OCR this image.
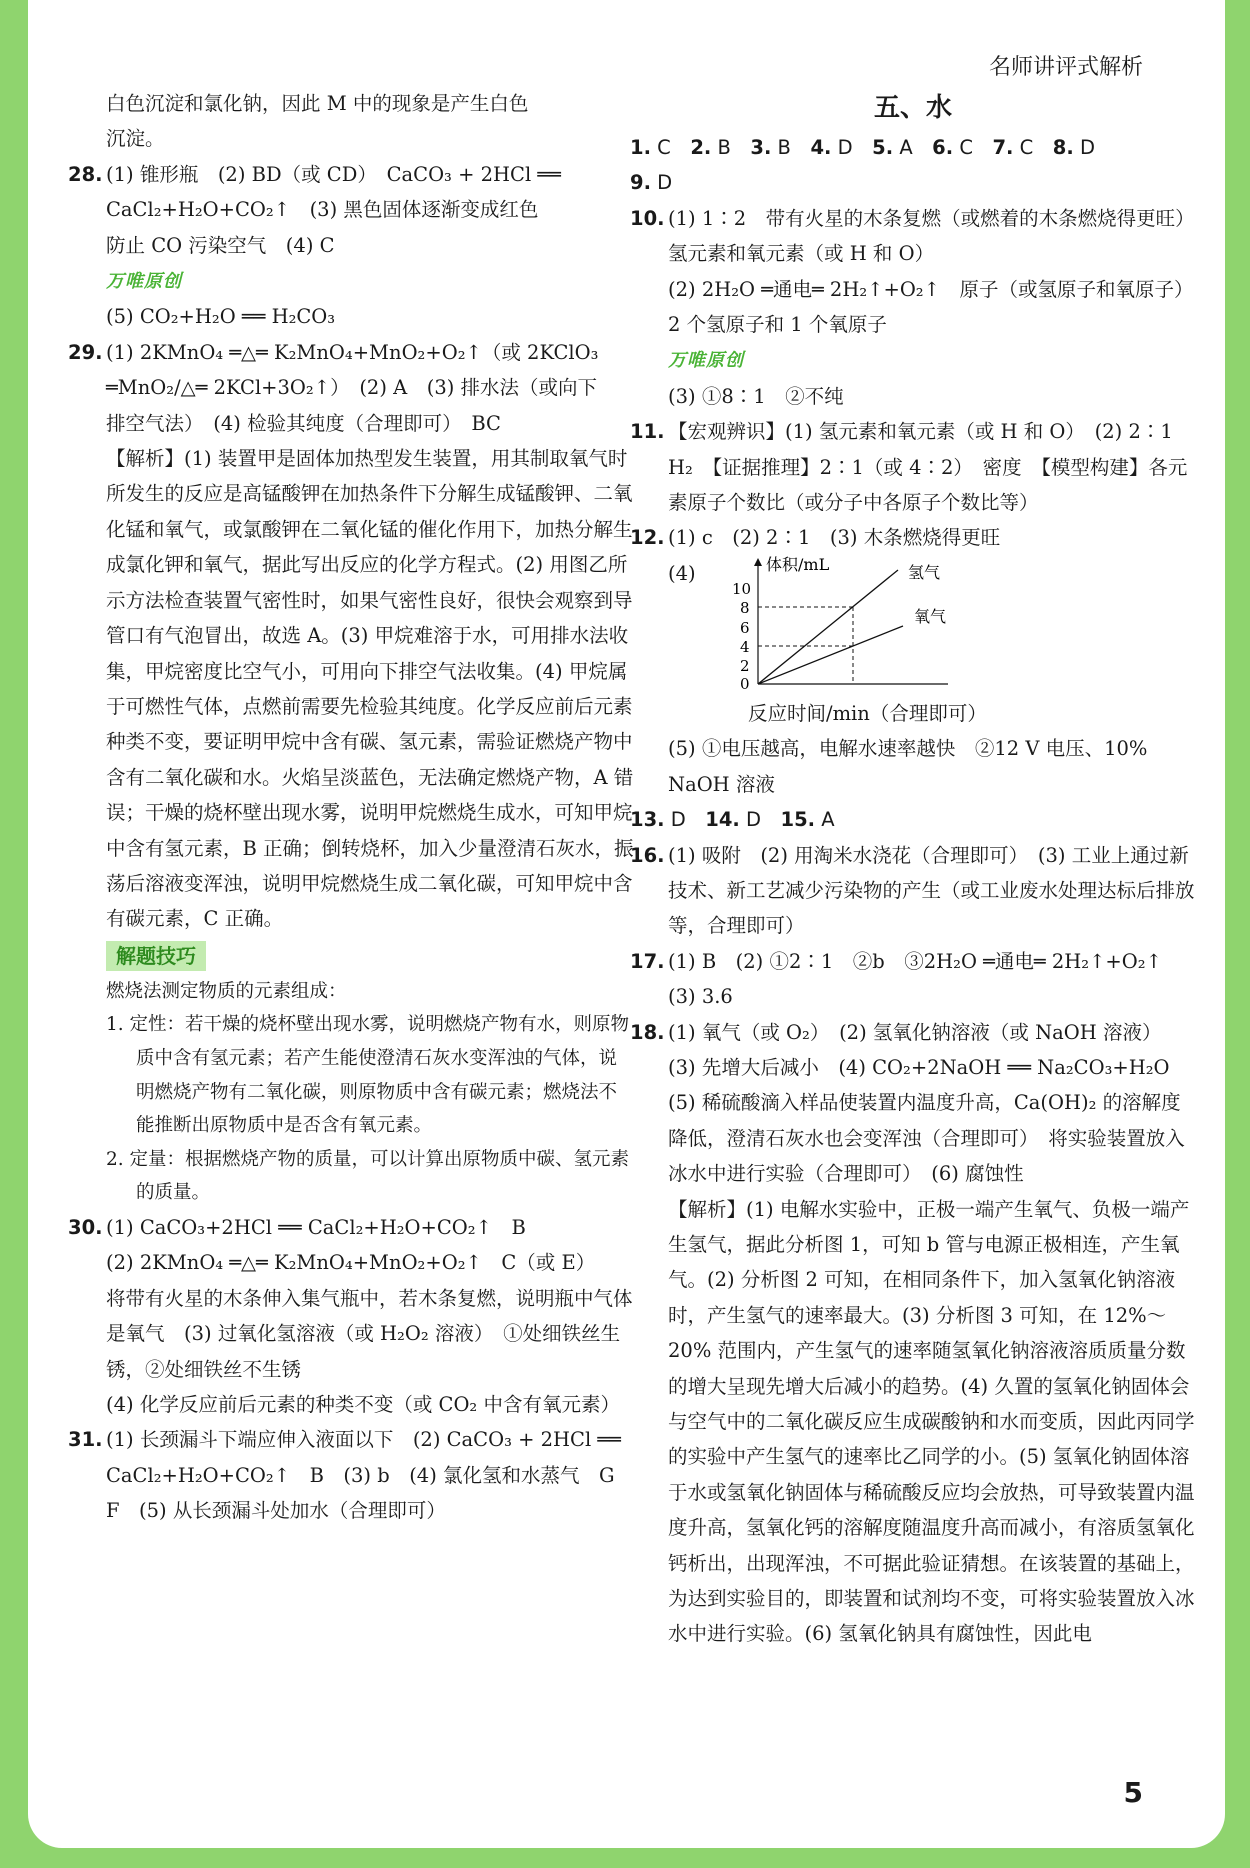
名师讲评式解析
白色沉淀和氯化钠，因此 M 中的现象是产生白色
沉淀。
28. (1) 锥形瓶　(2) BD（或 CD）　CaCO₃ + 2HCl ══
CaCl₂+H₂O+CO₂↑　(3) 黑色固体逐渐变成红色
防止 CO 污染空气　(4) C
万唯原创
(5) CO₂+H₂O ══ H₂CO₃
29. (1) 2KMnO₄ ═△═ K₂MnO₄+MnO₂+O₂↑（或 2KClO₃
═MnO₂/△═ 2KCl+3O₂↑）　(2) A　(3) 排水法（或向下
排空气法）　(4) 检验其纯度（合理即可）　BC
【解析】(1) 装置甲是固体加热型发生装置，用其制取氧气时所发生的反应是高锰酸钾在加热条件下分解生成锰酸钾、二氧化锰和氧气，或氯酸钾在二氧化锰的催化作用下，加热分解生成氯化钾和氧气，据此写出反应的化学方程式。(2) 用图乙所示方法检查装置气密性时，如果气密性良好，很快会观察到导管口有气泡冒出，故选 A。(3) 甲烷难溶于水，可用排水法收集，甲烷密度比空气小，可用向下排空气法收集。(4) 甲烷属于可燃性气体，点燃前需要先检验其纯度。化学反应前后元素种类不变，要证明甲烷中含有碳、氢元素，需验证燃烧产物中含有二氧化碳和水。火焰呈淡蓝色，无法确定燃烧产物，A 错误；干燥的烧杯壁出现水雾，说明甲烷燃烧生成水，可知甲烷中含有氢元素，B 正确；倒转烧杯，加入少量澄清石灰水，振荡后溶液变浑浊，说明甲烷燃烧生成二氧化碳，可知甲烷中含有碳元素，C 正确。
解题技巧
燃烧法测定物质的元素组成：
1. 定性：若干燥的烧杯壁出现水雾，说明燃烧产物有水，则原物质中含有氢元素；若产生能使澄清石灰水变浑浊的气体，说明燃烧产物有二氧化碳，则原物质中含有碳元素；燃烧法不能推断出原物质中是否含有氧元素。
2. 定量：根据燃烧产物的质量，可以计算出原物质中碳、氢元素的质量。
30. (1) CaCO₃+2HCl ══ CaCl₂+H₂O+CO₂↑　B
(2) 2KMnO₄ ═△═ K₂MnO₄+MnO₂+O₂↑　C（或 E）
将带有火星的木条伸入集气瓶中，若木条复燃，说明瓶中气体是氧气　(3) 过氧化氢溶液（或 H₂O₂ 溶液）　①处细铁丝生锈，②处细铁丝不生锈
(4) 化学反应前后元素的种类不变（或 CO₂ 中含有氧元素）
31. (1) 长颈漏斗下端应伸入液面以下　(2) CaCO₃ + 2HCl ══ CaCl₂+H₂O+CO₂↑　B　(3) b　(4) 氯化氢和水蒸气　G　F　(5) 从长颈漏斗处加水（合理即可）
五、水
1. C　2. B　3. B　4. D　5. A　6. C　7. C　8. D
9. D
10. (1) 1∶2　带有火星的木条复燃（或燃着的木条燃烧得更旺）　氢元素和氧元素（或 H 和 O）
(2) 2H₂O ═通电═ 2H₂↑+O₂↑　原子（或氢原子和氧原子）　2 个氢原子和 1 个氧原子
万唯原创
(3) ①8∶1　②不纯
11. 【宏观辨识】(1) 氢元素和氧元素（或 H 和 O）　(2) 2∶1　H₂　【证据推理】2∶1（或 4∶2）　密度　【模型构建】各元素原子个数比（或分子中各原子个数比等）
12. (1) c　(2) 2∶1　(3) 木条燃烧得更旺
(4)	体积/mL
10
8
6
4
2
0
氢气
氧气
反应时间/min（合理即可）
(5) ①电压越高，电解水速率越快　②12 V 电压、10% NaOH 溶液
13. D　14. D　15. A
16. (1) 吸附　(2) 用淘米水浇花（合理即可）　(3) 工业上通过新技术、新工艺减少污染物的产生（或工业废水处理达标后排放等，合理即可）
17. (1) B　(2) ①2∶1　②b　③2H₂O ═通电═ 2H₂↑+O₂↑　(3) 3.6
18. (1) 氧气（或 O₂）　(2) 氢氧化钠溶液（或 NaOH 溶液）　(3) 先增大后减小　(4) CO₂+2NaOH ══ Na₂CO₃+H₂O　(5) 稀硫酸滴入样品使装置内温度升高，Ca(OH)₂ 的溶解度降低，澄清石灰水也会变浑浊（合理即可）　将实验装置放入冰水中进行实验（合理即可）　(6) 腐蚀性
【解析】(1) 电解水实验中，正极一端产生氧气、负极一端产生氢气，据此分析图 1，可知 b 管与电源正极相连，产生氧气。(2) 分析图 2 可知，在相同条件下，加入氢氧化钠溶液时，产生氢气的速率最大。(3) 分析图 3 可知，在 12%～20% 范围内，产生氢气的速率随氢氧化钠溶液溶质质量分数的增大呈现先增大后减小的趋势。(4) 久置的氢氧化钠固体会与空气中的二氧化碳反应生成碳酸钠和水而变质，因此丙同学的实验中产生氢气的速率比乙同学的小。(5) 氢氧化钠固体溶于水或氢氧化钠固体与稀硫酸反应均会放热，可导致装置内温度升高，氢氧化钙的溶解度随温度升高而减小，有溶质氢氧化钙析出，出现浑浊，不可据此验证猜想。在该装置的基础上，为达到实验目的，即装置和试剂均不变，可将实验装置放入冰水中进行实验。(6) 氢氧化钠具有腐蚀性，因此电
5
